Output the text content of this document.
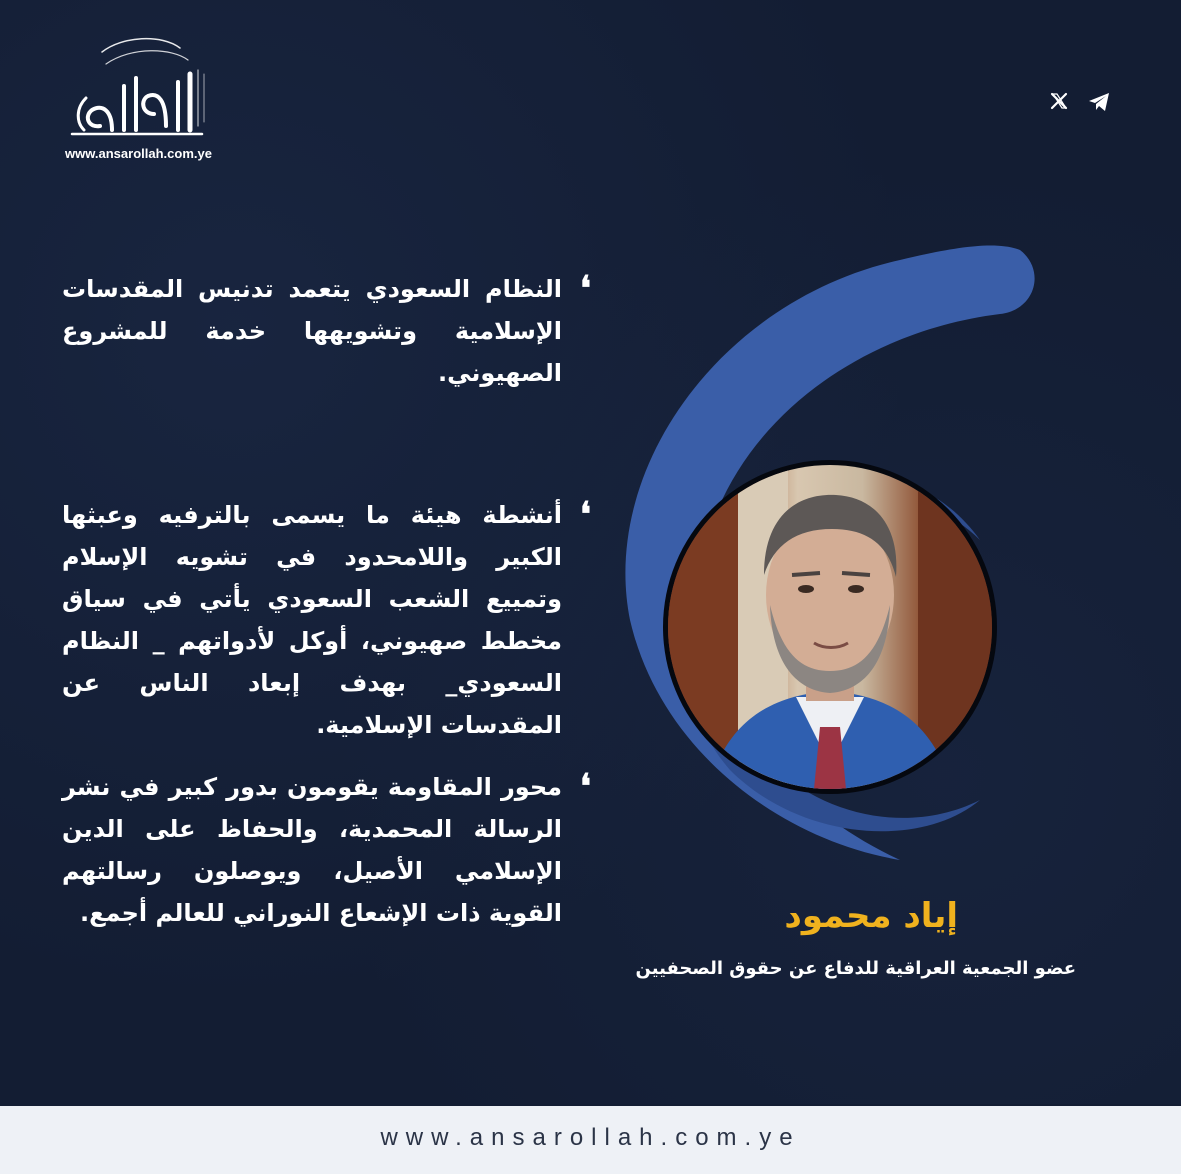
www.ansarollah.com.ye
❛

النظام السعودي يتعمد تدنيس المقدسات الإسلامية وتشويهها خدمة للمشروع الصهيوني.

❛

أنشطة هيئة ما يسمى بالترفيه وعبثها الكبير واللامحدود في تشويه الإسلام وتمييع الشعب السعودي يأتي في سياق مخطط صهيوني، أوكل لأدواتهم _ النظام السعودي_ بهدف إبعاد الناس عن المقدسات الإسلامية.

❛

محور المقاومة يقومون بدور كبير في نشر الرسالة المحمدية، والحفاظ على الدين الإسلامي الأصيل، ويوصلون رسالتهم القوية ذات الإشعاع النوراني للعالم أجمع.	إياد محمود
عضو الجمعية العراقية للدفاع عن حقوق الصحفيين
www.ansarollah.com.ye
